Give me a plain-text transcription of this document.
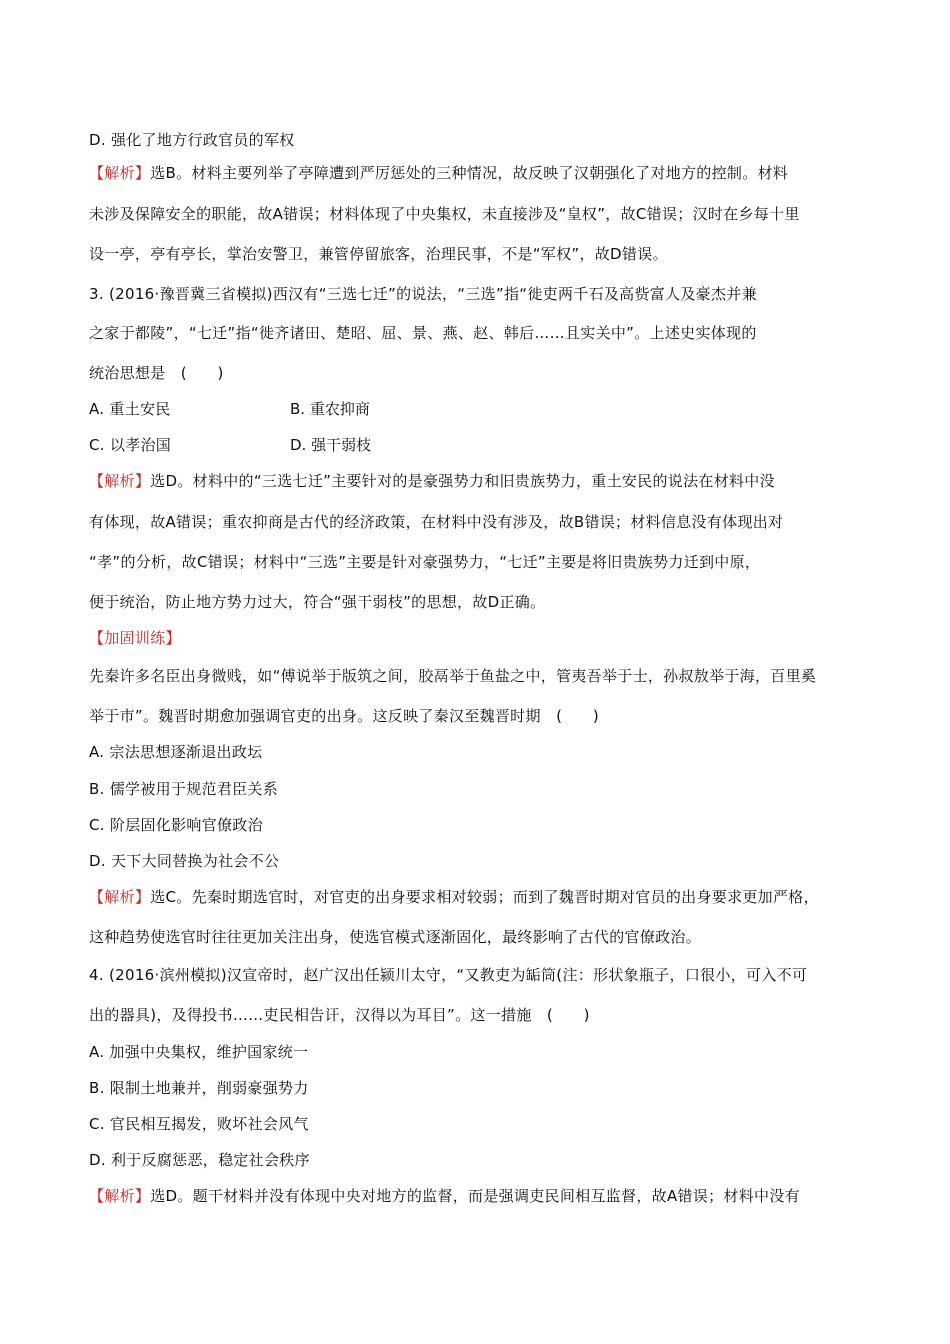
D. 强化了地方行政官员的军权
【解析】选B。材料主要列举了亭障遭到严厉惩处的三种情况，故反映了汉朝强化了对地方的控制。材料
未涉及保障安全的职能，故A错误；材料体现了中央集权，未直接涉及“皇权”，故C错误；汉时在乡每十里
设一亭，亭有亭长，掌治安警卫，兼管停留旅客，治理民事，不是“军权”，故D错误。
3. (2016·豫晋冀三省模拟)西汉有“三选七迁”的说法，“三选”指“徙吏两千石及高赀富人及豪杰并兼
之家于都陵”，“七迁”指“徙齐诸田、楚昭、屈、景、燕、赵、韩后……且实关中”。上述史实体现的
统治思想是　(　　)
A. 重土安民	B. 重农抑商
C. 以孝治国	D. 强干弱枝
【解析】选D。材料中的“三选七迁”主要针对的是豪强势力和旧贵族势力，重土安民的说法在材料中没
有体现，故A错误；重农抑商是古代的经济政策，在材料中没有涉及，故B错误；材料信息没有体现出对
“孝”的分析，故C错误；材料中“三选”主要是针对豪强势力，“七迁”主要是将旧贵族势力迁到中原，
便于统治，防止地方势力过大，符合“强干弱枝”的思想，故D正确。
【加固训练】
先秦许多名臣出身微贱，如“傅说举于版筑之间，胶鬲举于鱼盐之中，管夷吾举于士，孙叔敖举于海，百里奚
举于市”。魏晋时期愈加强调官吏的出身。这反映了秦汉至魏晋时期　(　　)
A. 宗法思想逐渐退出政坛
B. 儒学被用于规范君臣关系
C. 阶层固化影响官僚政治
D. 天下大同替换为社会不公
【解析】选C。先秦时期选官时，对官吏的出身要求相对较弱；而到了魏晋时期对官员的出身要求更加严格，
这种趋势使选官时往往更加关注出身，使选官模式逐渐固化，最终影响了古代的官僚政治。
4. (2016·滨州模拟)汉宣帝时，赵广汉出任颍川太守，“又教吏为缿筒(注：形状象瓶子，口很小，可入不可
出的器具)，及得投书……吏民相告讦，汉得以为耳目”。这一措施　(　　)
A. 加强中央集权，维护国家统一
B. 限制土地兼并，削弱豪强势力
C. 官民相互揭发，败坏社会风气
D. 利于反腐惩恶，稳定社会秩序
【解析】选D。题干材料并没有体现中央对地方的监督，而是强调吏民间相互监督，故A错误；材料中没有
